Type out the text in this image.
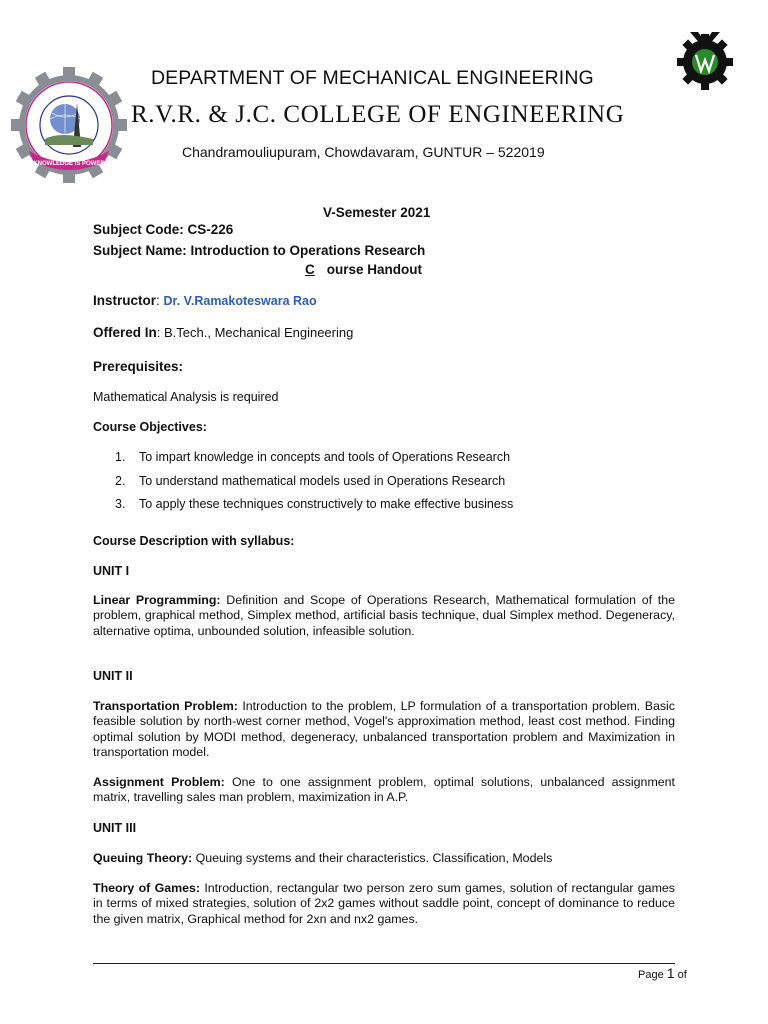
KNOWLEDGE IS POWER
DEPARTMENT OF MECHANICAL ENGINEERING
R.V.R. & J.C. COLLEGE OF ENGINEERING
Chandramouliupuram, Chowdavaram, GUNTUR – 522019
V-Semester 2021
Subject Code: CS-226
Subject Name: Introduction to Operations Research
C ourse Handout
Instructor: Dr. V.Ramakoteswara Rao
Offered In: B.Tech., Mechanical Engineering
Prerequisites:
Mathematical Analysis is required
Course Objectives:
1. To impart knowledge in concepts and tools of Operations Research
2. To understand mathematical models used in Operations Research
3. To apply these techniques constructively to make effective business
Course Description with syllabus:
UNIT I
Linear Programming: Definition and Scope of Operations Research, Mathematical formulation of the problem, graphical method, Simplex method, artificial basis technique, dual Simplex method. Degeneracy, alternative optima, unbounded solution, infeasible solution.
UNIT II
Transportation Problem: Introduction to the problem, LP formulation of a transportation problem. Basic feasible solution by north-west corner method, Vogel's approximation method, least cost method. Finding optimal solution by MODI method, degeneracy, unbalanced transportation problem and Maximization in transportation model.
Assignment Problem: One to one assignment problem, optimal solutions, unbalanced assignment matrix, travelling sales man problem, maximization in A.P.
UNIT III
Queuing Theory: Queuing systems and their characteristics. Classification, Models
Theory of Games: Introduction, rectangular two person zero sum games, solution of rectangular games in terms of mixed strategies, solution of 2x2 games without saddle point, concept of dominance to reduce the given matrix, Graphical method for 2xn and nx2 games.
Page 1 of
